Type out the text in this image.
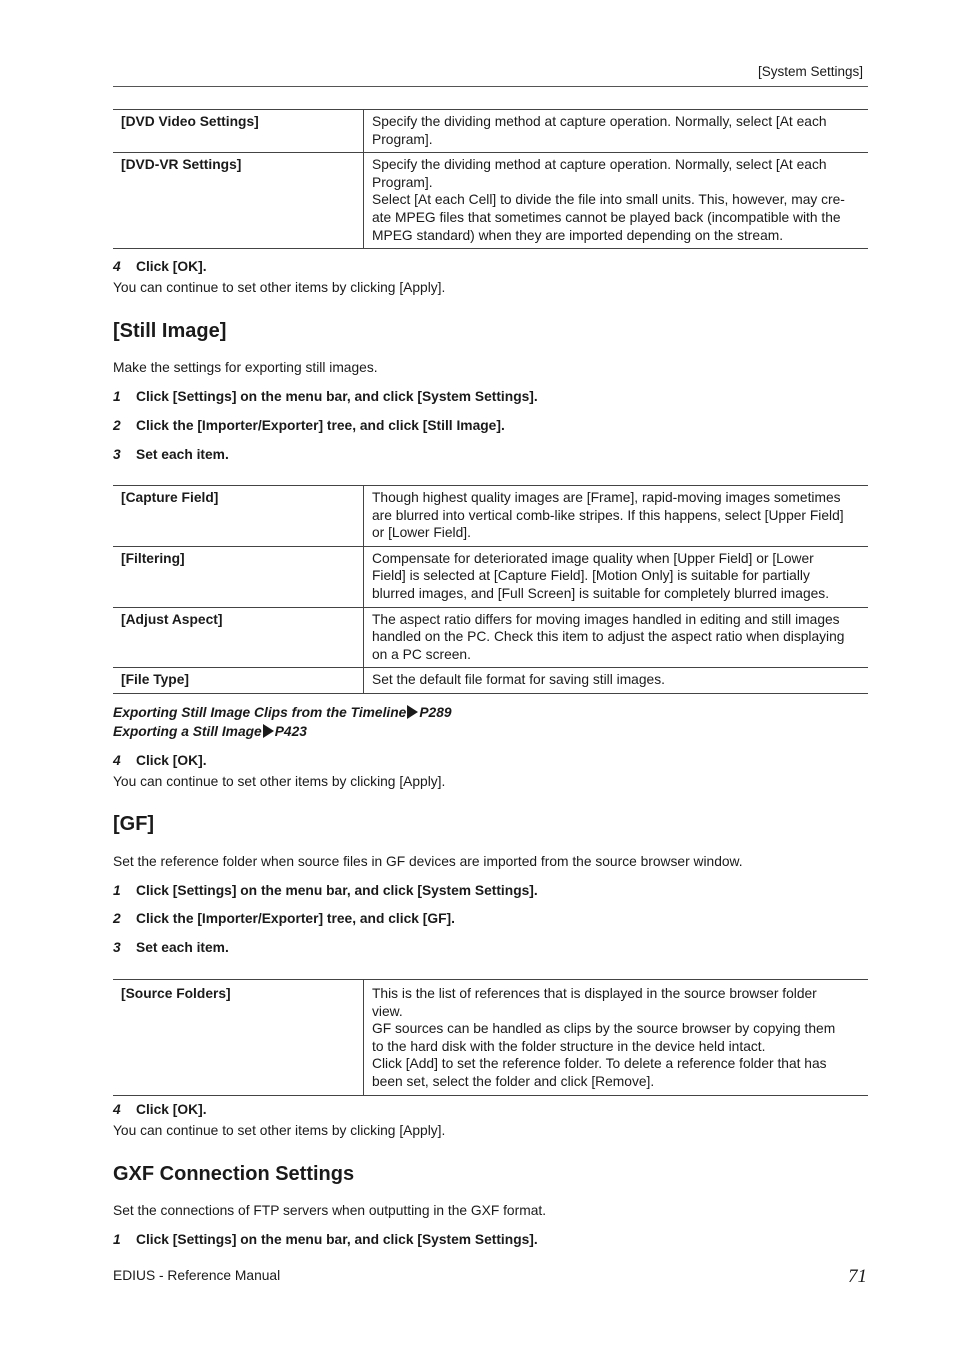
[System Settings]
[DVD Video Settings]	Specify the dividing method at capture operation. Normally, select [At each
Program].
[DVD-VR Settings]	Specify the dividing method at capture operation. Normally, select [At each
Program].
Select [At each Cell] to divide the file into small units. This, however, may cre-
ate MPEG files that sometimes cannot be played back (incompatible with the
MPEG standard) when they are imported depending on the stream.
4 Click [OK].
You can continue to set other items by clicking [Apply].
[Still Image]
Make the settings for exporting still images.
1 Click [Settings] on the menu bar, and click [System Settings].
2 Click the [Importer/Exporter] tree, and click [Still Image].
3 Set each item.
[Capture Field]	Though highest quality images are [Frame], rapid-moving images sometimes
are blurred into vertical comb-like stripes. If this happens, select [Upper Field]
or [Lower Field].
[Filtering]	Compensate for deteriorated image quality when [Upper Field] or [Lower
Field] is selected at [Capture Field]. [Motion Only] is suitable for partially
blurred images, and [Full Screen] is suitable for completely blurred images.
[Adjust Aspect]	The aspect ratio differs for moving images handled in editing and still images
handled on the PC. Check this item to adjust the aspect ratio when displaying
on a PC screen.
[File Type]	Set the default file format for saving still images.
Exporting Still Image Clips from the Timeline P289
Exporting a Still Image P423
4 Click [OK].
You can continue to set other items by clicking [Apply].
[GF]
Set the reference folder when source files in GF devices are imported from the source browser window.
1 Click [Settings] on the menu bar, and click [System Settings].
2 Click the [Importer/Exporter] tree, and click [GF].
3 Set each item.
[Source Folders]	This is the list of references that is displayed in the source browser folder
view.
GF sources can be handled as clips by the source browser by copying them
to the hard disk with the folder structure in the device held intact.
Click [Add] to set the reference folder. To delete a reference folder that has
been set, select the folder and click [Remove].
4 Click [OK].
You can continue to set other items by clicking [Apply].
GXF Connection Settings
Set the connections of FTP servers when outputting in the GXF format.
1 Click [Settings] on the menu bar, and click [System Settings].
EDIUS - Reference Manual	71
